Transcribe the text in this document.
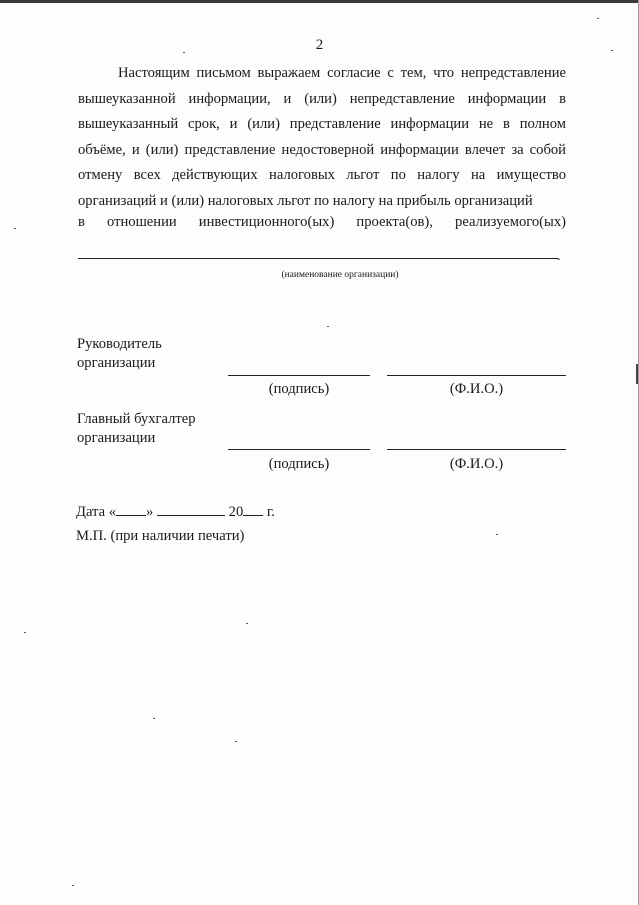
2

Настоящим письмом выражаем согласие с тем, что непредставление вышеуказанной информации, и (или) непредставление информации в вышеуказанный срок, и (или) представление информации не в полном объёме, и (или) представление недостоверной информации влечет за собой отмену всех действующих налоговых льгот по налогу на имущество организаций и (или) налоговых льгот по налогу на прибыль организаций

в отношении инвестиционного(ых) проекта(ов), реализуемого(ых)
.
(наименование организации)
Руководитель
организации
(подпись)	(Ф.И.О.)
Главный бухгалтер
организации
(подпись)	(Ф.И.О.)
Дата « »	20 г.
М.П. (при наличии печати)
